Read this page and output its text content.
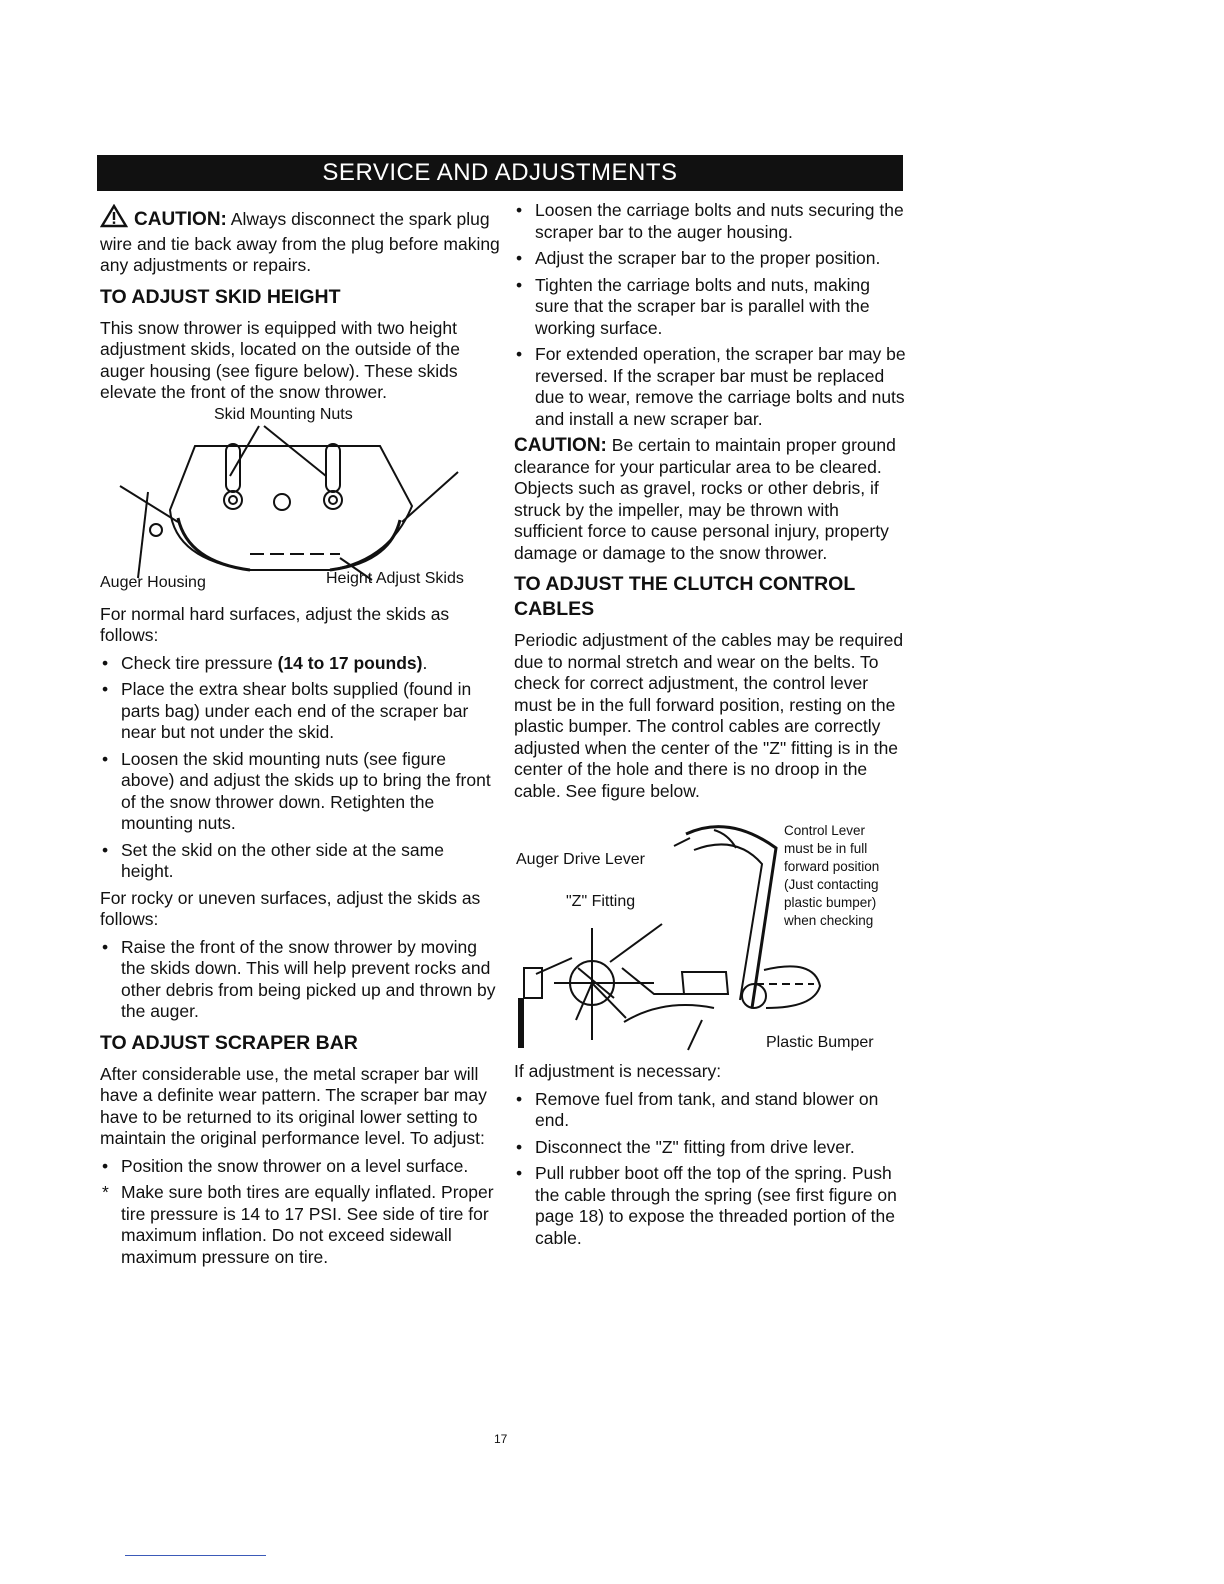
SERVICE AND ADJUSTMENTS

CAUTION: Always disconnect the spark plug wire and tie back away from the plug before making any adjustments or repairs.

TO ADJUST SKID HEIGHT

This snow thrower is equipped with two height adjustment skids, located on the outside of the auger housing (see figure below). These skids elevate the front of the snow thrower.

Skid Mounting Nuts
Auger Housing	Height Adjust Skids

For normal hard surfaces, adjust the skids as follows:

• Check tire pressure (14 to 17 pounds).
• Place the extra shear bolts supplied (found in parts bag) under each end of the scraper bar near but not under the skid.
• Loosen the skid mounting nuts (see figure above) and adjust the skids up to bring the front of the snow thrower down. Retighten the mounting nuts.
• Set the skid on the other side at the same height.

For rocky or uneven surfaces, adjust the skids as follows:

• Raise the front of the snow thrower by moving the skids down. This will help prevent rocks and other debris from being picked up and thrown by the auger.
TO ADJUST SCRAPER BAR

After considerable use, the metal scraper bar will have a definite wear pattern. The scraper bar may have to be returned to its original lower setting to maintain the original performance level. To adjust:

• Position the snow thrower on a level surface.
* Make sure both tires are equally inflated. Proper tire pressure is 14 to 17 PSI. See side of tire for maximum inflation. Do not exceed sidewall maximum pressure on tire.
• Loosen the carriage bolts and nuts securing the scraper bar to the auger housing.
• Adjust the scraper bar to the proper position.
• Tighten the carriage bolts and nuts, making sure that the scraper bar is parallel with the working surface.
• For extended operation, the scraper bar may be reversed. If the scraper bar must be replaced due to wear, remove the carriage bolts and nuts and install a new scraper bar.

CAUTION: Be certain to maintain proper ground clearance for your particular area to be cleared. Objects such as gravel, rocks or other debris, if struck by the impeller, may be thrown with sufficient force to cause personal injury, property damage or damage to the snow thrower.

TO ADJUST THE CLUTCH CONTROL CABLES

Periodic adjustment of the cables may be required due to normal stretch and wear on the belts. To check for correct adjustment, the control lever must be in the full forward position, resting on the plastic bumper. The control cables are correctly adjusted when the center of the "Z" fitting is in the center of the hole and there is no droop in the cable. See figure below.

Auger Drive Lever
"Z" Fitting
Control Lever
must be in full
forward position
(Just contacting
plastic bumper)
when checking
Plastic Bumper

If adjustment is necessary:

• Remove fuel from tank, and stand blower on end.
• Disconnect the "Z" fitting from drive lever.
• Pull rubber boot off the top of the spring. Push the cable through the spring (see first figure on page 18) to expose the threaded portion of the cable.
17
